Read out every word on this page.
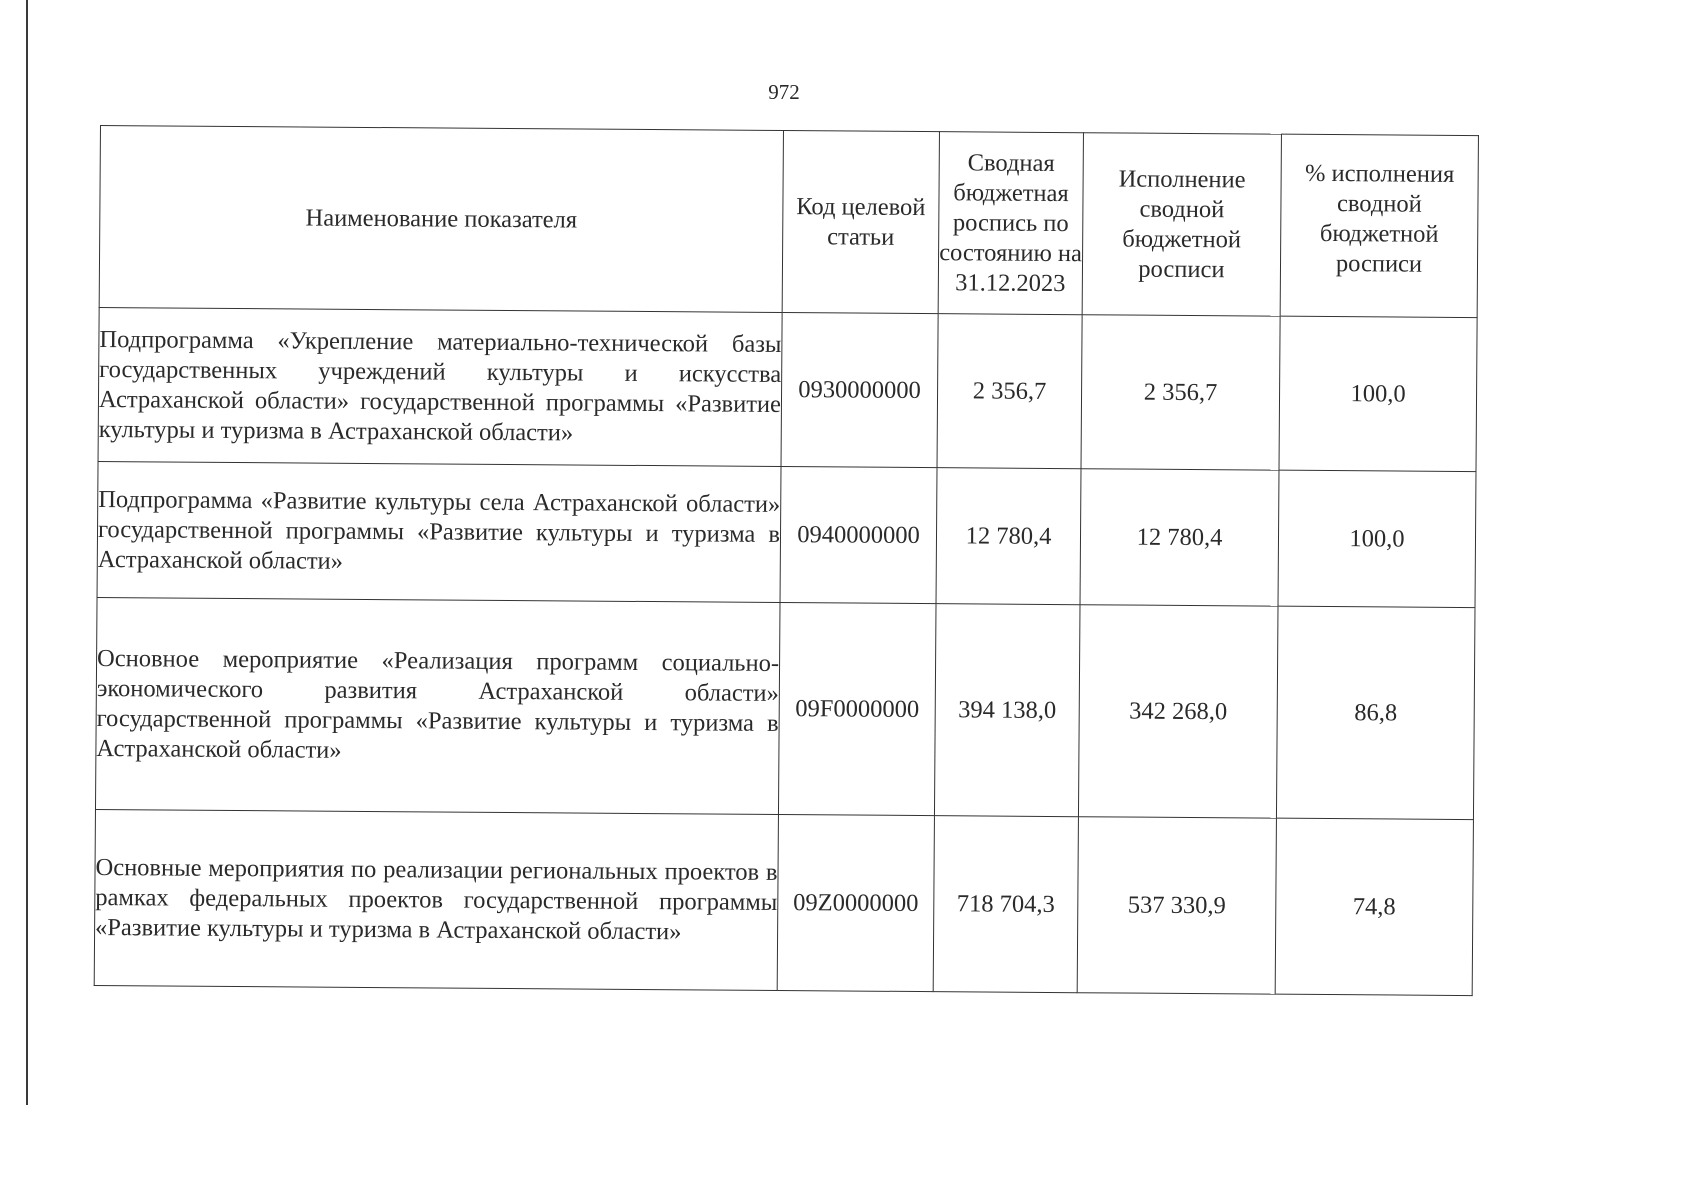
972
Наименование показателя	Код целевой статьи	Сводная бюджетная роспись по состоянию на 31.12.2023	Исполнение сводной бюджетной росписи	% исполнения сводной бюджетной росписи
Подпрограмма «Укрепление материально-технической базы государственных учреждений культуры и искусства Астраханской области» государственной программы «Развитие культуры и туризма в Астраханской области»	0930000000	2 356,7	2 356,7	100,0
Подпрограмма «Развитие культуры села Астраханской области» государственной программы «Развитие культуры и туризма в Астраханской области»	0940000000	12 780,4	12 780,4	100,0
Основное мероприятие «Реализация программ социально-экономического развития Астраханской области» государственной программы «Развитие культуры и туризма в Астраханской области»	09F0000000	394 138,0	342 268,0	86,8
Основные мероприятия по реализации региональных проектов в рамках федеральных проектов государственной программы «Развитие культуры и туризма в Астраханской области»	09Z0000000	718 704,3	537 330,9	74,8
